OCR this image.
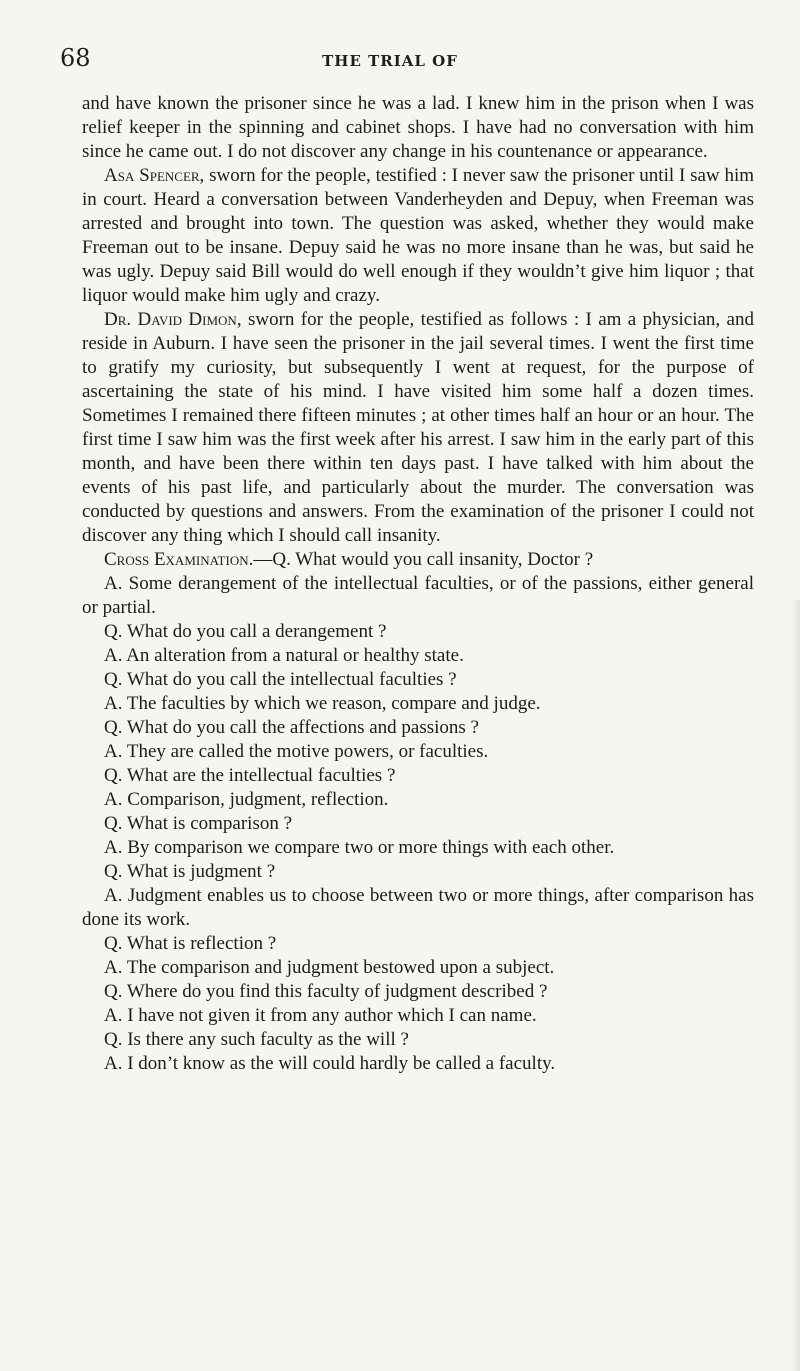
68	THE TRIAL OF

and have known the prisoner since he was a lad. I knew him in the prison when I was relief keeper in the spinning and cabinet shops. I have had no conversation with him since he came out. I do not discover any change in his countenance or appearance.

Asa Spencer, sworn for the people, testified : I never saw the prisoner until I saw him in court. Heard a conversation between Vanderheyden and Depuy, when Freeman was arrested and brought into town. The question was asked, whether they would make Freeman out to be insane. Depuy said he was no more insane than he was, but said he was ugly. Depuy said Bill would do well enough if they wouldn’t give him liquor ; that liquor would make him ugly and crazy.

Dr. David Dimon, sworn for the people, testified as follows : I am a physician, and reside in Auburn. I have seen the prisoner in the jail several times. I went the first time to gratify my curiosity, but subsequently I went at request, for the purpose of ascertaining the state of his mind. I have visited him some half a dozen times. Sometimes I remained there fifteen minutes ; at other times half an hour or an hour. The first time I saw him was the first week after his arrest. I saw him in the early part of this month, and have been there within ten days past. I have talked with him about the events of his past life, and particularly about the murder. The conversation was conducted by questions and answers. From the examination of the prisoner I could not discover any thing which I should call insanity.

Cross Examination.—Q. What would you call insanity, Doctor ?

A. Some derangement of the intellectual faculties, or of the passions, either general or partial.

Q. What do you call a derangement ?

A. An alteration from a natural or healthy state.

Q. What do you call the intellectual faculties ?

A. The faculties by which we reason, compare and judge.

Q. What do you call the affections and passions ?

A. They are called the motive powers, or faculties.

Q. What are the intellectual faculties ?

A. Comparison, judgment, reflection.

Q. What is comparison ?

A. By comparison we compare two or more things with each other.

Q. What is judgment ?

A. Judgment enables us to choose between two or more things, after comparison has done its work.

Q. What is reflection ?

A. The comparison and judgment bestowed upon a subject.

Q. Where do you find this faculty of judgment described ?

A. I have not given it from any author which I can name.

Q. Is there any such faculty as the will ?

A. I don’t know as the will could hardly be called a faculty.
